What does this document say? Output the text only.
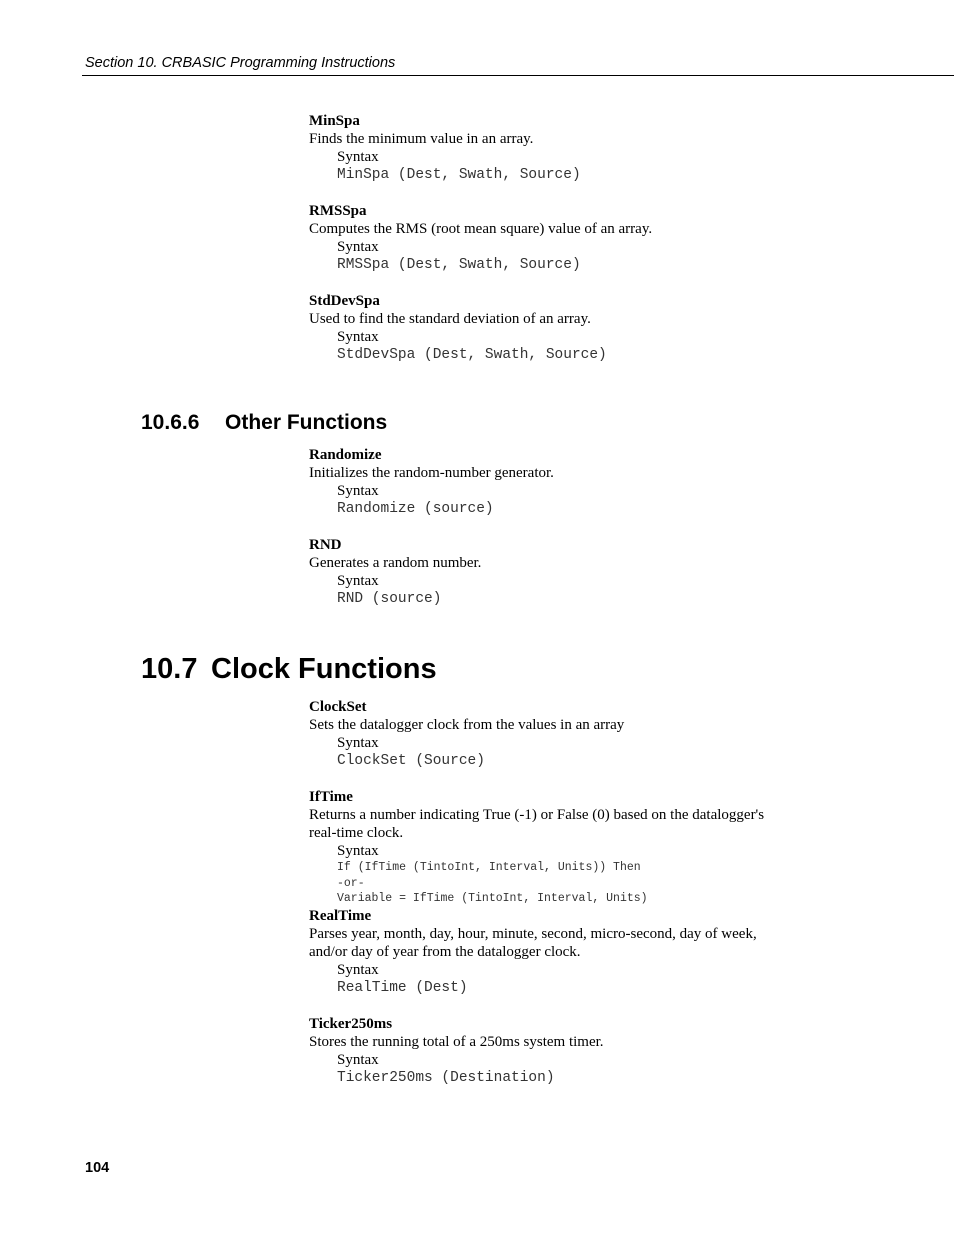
Section 10. CRBASIC Programming Instructions
MinSpa
Finds the minimum value in an array.
Syntax
MinSpa (Dest, Swath, Source)
RMSSpa
Computes the RMS (root mean square) value of an array.
Syntax
RMSSpa (Dest, Swath, Source)
StdDevSpa
Used to find the standard deviation of an array.
Syntax
StdDevSpa (Dest, Swath, Source)
10.6.6 Other Functions
Randomize
Initializes the random-number generator.
Syntax
Randomize (source)
RND
Generates a random number.
Syntax
RND (source)
10.7 Clock Functions
ClockSet
Sets the datalogger clock from the values in an array
Syntax
ClockSet (Source)
IfTime
Returns a number indicating True (-1) or False (0) based on the datalogger's
real-time clock.
Syntax
If (IfTime (TintoInt, Interval, Units)) Then
-or-
Variable = IfTime (TintoInt, Interval, Units)
RealTime
Parses year, month, day, hour, minute, second, micro-second, day of week,
and/or day of year from the datalogger clock.
Syntax
RealTime (Dest)
Ticker250ms
Stores the running total of a 250ms system timer.
Syntax
Ticker250ms (Destination)
104
